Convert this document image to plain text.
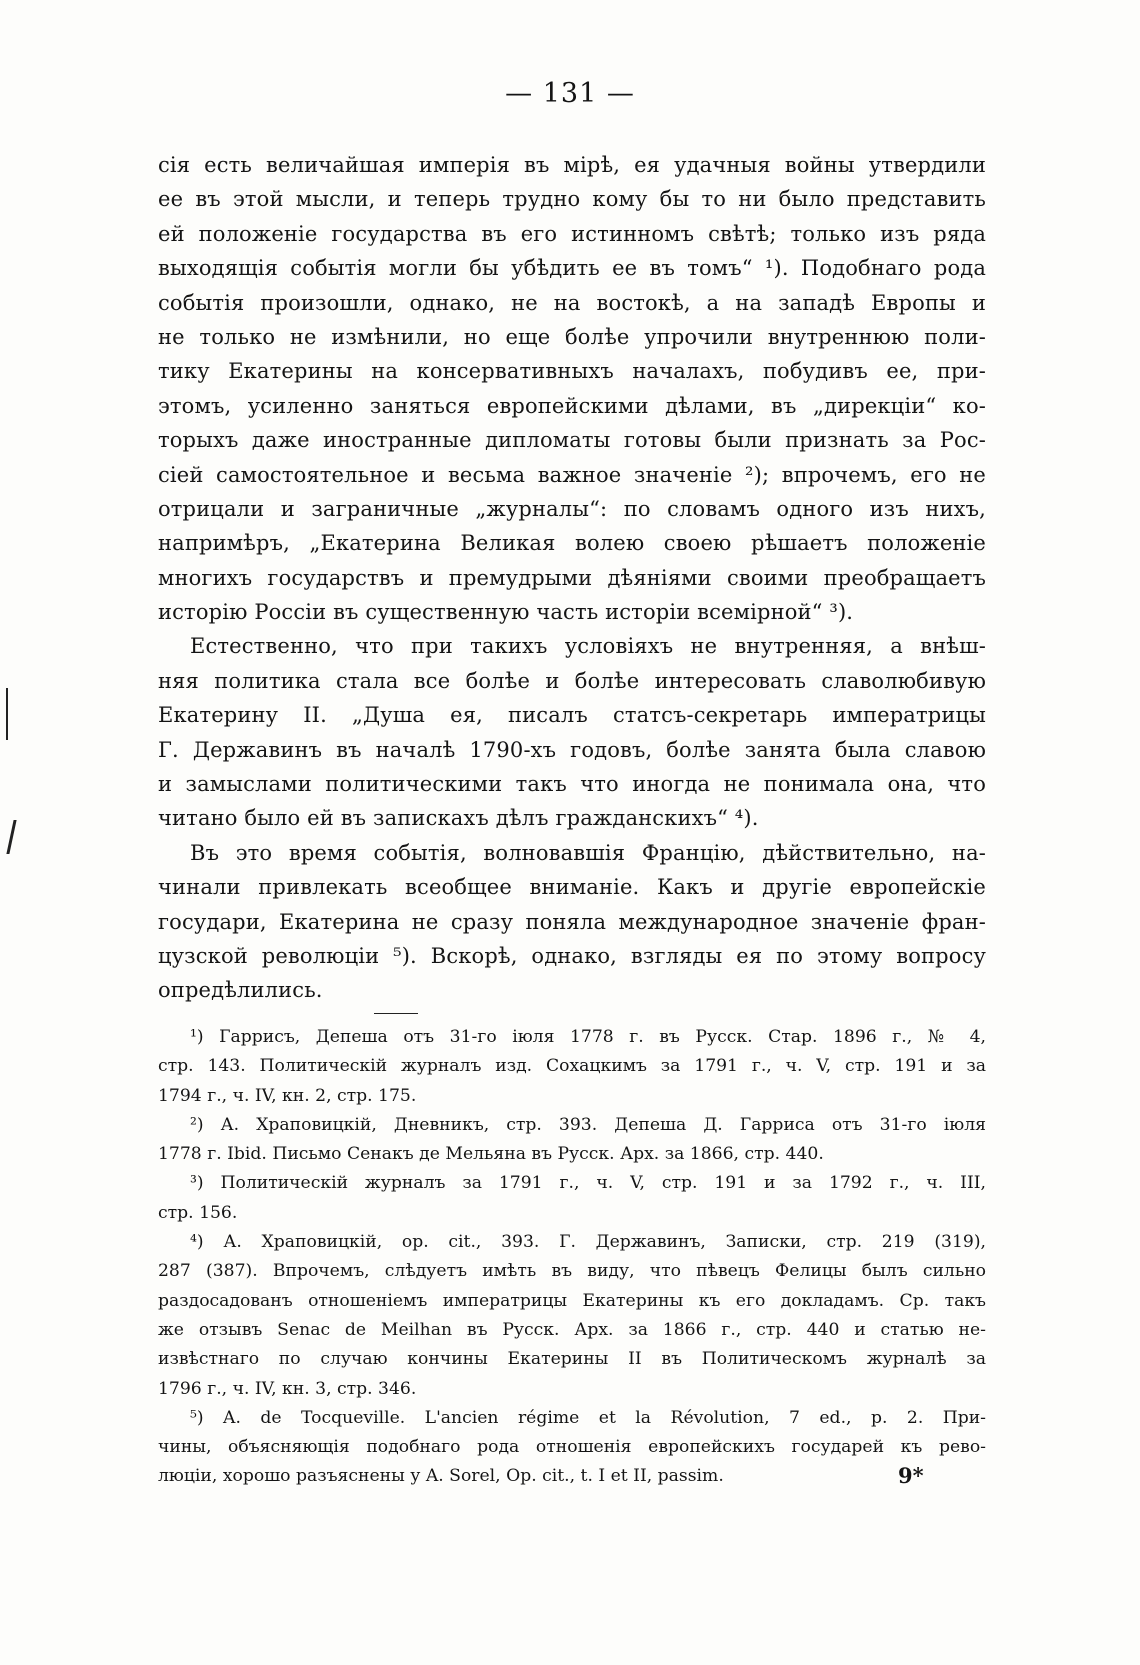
— 131 —
сія есть величайшая имперія въ мірѣ, ея удачныя войны утвердили
ее въ этой мысли, и теперь трудно кому бы то ни было представить
ей положеніе государства въ его истинномъ свѣтѣ; только изъ ряда
выходящія событія могли бы убѣдить ее въ томъ“ ¹). Подобнаго рода
событія произошли, однако, не на востокѣ, а на западѣ Европы и
не только не измѣнили, но еще болѣе упрочили внутреннюю поли-
тику Екатерины на консервативныхъ началахъ, побудивъ ее, при-
этомъ, усиленно заняться европейскими дѣлами, въ „дирекціи“ ко-
торыхъ даже иностранные дипломаты готовы были признать за Рос-
сіей самостоятельное и весьма важное значеніе ²); впрочемъ, его не
отрицали и заграничные „журналы“: по словамъ одного изъ нихъ,
напримѣръ, „Екатерина Великая волею своею рѣшаетъ положеніе
многихъ государствъ и премудрыми дѣяніями своими преобращаетъ
исторію Россіи въ существенную часть исторіи всемірной“ ³).
Естественно, что при такихъ условіяхъ не внутренняя, а внѣш-
няя политика стала все болѣе и болѣе интересовать славолюбивую
Екатерину II. „Душа ея, писалъ статсъ-секретарь императрицы
Г. Державинъ въ началѣ 1790-хъ годовъ, болѣе занята была славою
и замыслами политическими такъ что иногда не понимала она, что
читано было ей въ запискахъ дѣлъ гражданскихъ“ ⁴).
Въ это время событія, волновавшія Францію, дѣйствительно, на-
чинали привлекать всеобщее вниманіе. Какъ и другіе европейскіе
государи, Екатерина не сразу поняла международное значеніе фран-
цузской революціи ⁵). Вскорѣ, однако, взгляды ея по этому вопросу
опредѣлились.
¹) Гаррисъ, Депеша отъ 31-го іюля 1778 г. въ Русск. Стар. 1896 г., № 4,
стр. 143. Политическій журналъ изд. Сохацкимъ за 1791 г., ч. V, стр. 191 и за
1794 г., ч. IV, кн. 2, стр. 175.
²) А. Храповицкій, Дневникъ, стр. 393. Депеша Д. Гарриса отъ 31-го іюля
1778 г. Ibid. Письмо Сенакъ де Мельяна въ Русск. Арх. за 1866, стр. 440.
³) Политическій журналъ за 1791 г., ч. V, стр. 191 и за 1792 г., ч. III,
стр. 156.
⁴) А. Храповицкій, op. cit., 393. Г. Державинъ, Записки, стр. 219 (319),
287 (387). Впрочемъ, слѣдуетъ имѣть въ виду, что пѣвецъ Фелицы былъ сильно
раздосадованъ отношеніемъ императрицы Екатерины къ его докладамъ. Ср. такъ
же отзывъ Senac de Meilhan въ Русск. Арх. за 1866 г., стр. 440 и статью не-
извѣстнаго по случаю кончины Екатерины II въ Политическомъ журналѣ за
1796 г., ч. IV, кн. 3, стр. 346.
⁵) A. de Tocqueville. L'ancien régime et la Révolution, 7 ed., p. 2. При-
чины, объясняющія подобнаго рода отношенія европейскихъ государей къ рево-
люціи, хорошо разъяснены у A. Sorel, Op. cit., t. I et II, passim.	9*
